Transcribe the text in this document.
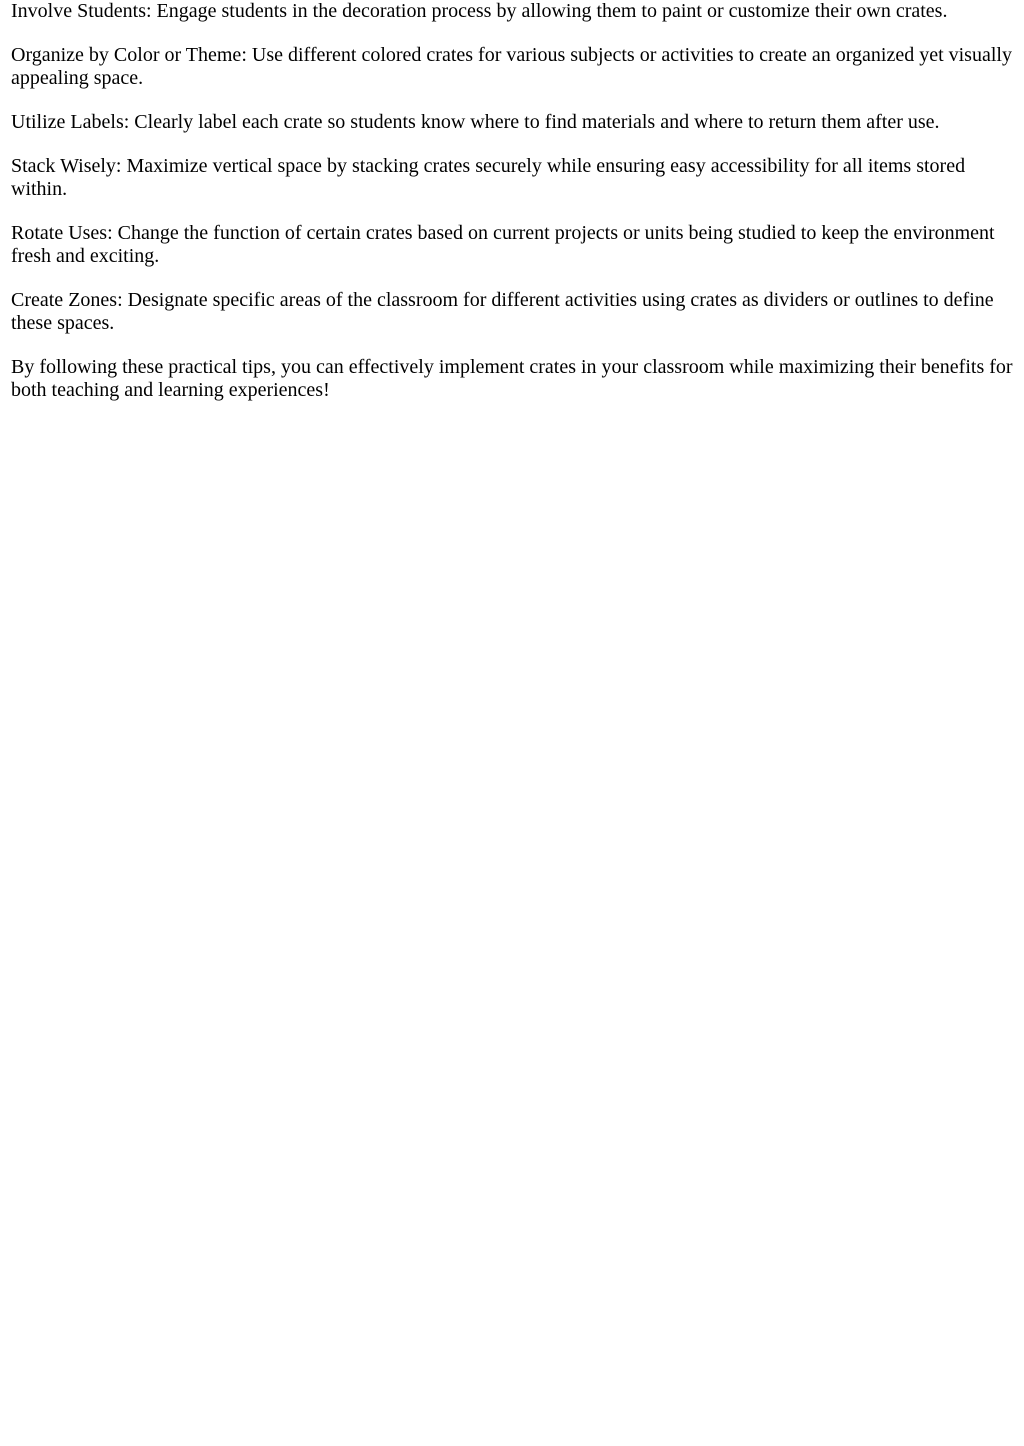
Involve Students: Engage students in the decoration process by allowing them to paint or customize their own crates.

Organize by Color or Theme: Use different colored crates for various subjects or activities to create an organized yet visually appealing space.

Utilize Labels: Clearly label each crate so students know where to find materials and where to return them after use.

Stack Wisely: Maximize vertical space by stacking crates securely while ensuring easy accessibility for all items stored within.

Rotate Uses: Change the function of certain crates based on current projects or units being studied to keep the environment fresh and exciting.

Create Zones: Designate specific areas of the classroom for different activities using crates as dividers or outlines to define these spaces.

By following these practical tips, you can effectively implement crates in your classroom while maximizing their benefits for both teaching and learning experiences!
